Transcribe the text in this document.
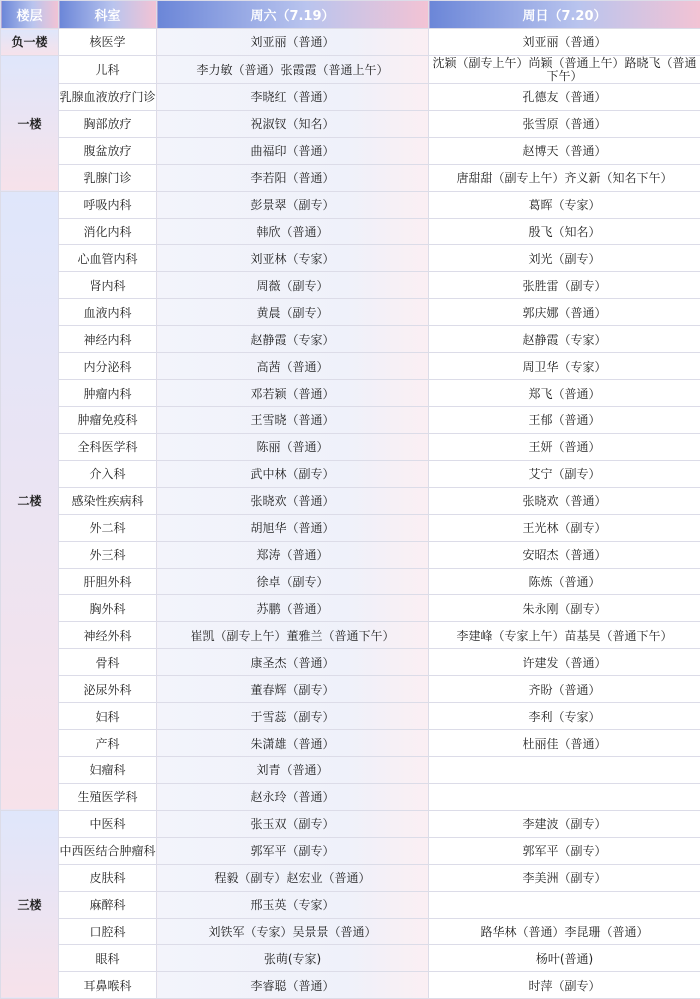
楼层	科室	周六（7.19）	周日（7.20）
负一楼	核医学	刘亚丽（普通）	刘亚丽（普通）
一楼	儿科	李力敏（普通）张霞霞（普通上午）	沈颖（副专上午）尚颖（普通上午）路晓飞（普通下午）

	乳腺血液放疗门诊	李晓红（普通）	孔德友（普通）
	胸部放疗	祝淑钗（知名）	张雪原（普通）
	腹盆放疗	曲福印（普通）	赵博天（普通）
	乳腺门诊	李若阳（普通）	唐甜甜（副专上午）齐义新（知名下午）
二楼	呼吸内科	彭景翠（副专）	葛晖（专家）
	消化内科	韩欣（普通）	殷飞（知名）
	心血管内科	刘亚林（专家）	刘光（副专）
	肾内科	周薇（副专）	张胜雷（副专）
	血液内科	黄晨（副专）	郭庆娜（普通）
	神经内科	赵静霞（专家）	赵静霞（专家）
	内分泌科	高茜（普通）	周卫华（专家）
	肿瘤内科	邓若颖（普通）	郑飞（普通）
	肿瘤免疫科	王雪晓（普通）	王郁（普通）
	全科医学科	陈丽（普通）	王妍（普通）
	介入科	武中林（副专）	艾宁（副专）
	感染性疾病科	张晓欢（普通）	张晓欢（普通）
	外二科	胡旭华（普通）	王光林（副专）
	外三科	郑涛（普通）	安昭杰（普通）
	肝胆外科	徐卓（副专）	陈炼（普通）
	胸外科	苏鹏（普通）	朱永刚（副专）
	神经外科	崔凯（副专上午）董雅兰（普通下午）	李建峰（专家上午）苗基昊（普通下午）
	骨科	康圣杰（普通）	许建发（普通）
	泌尿外科	董春辉（副专）	齐盼（普通）
	妇科	于雪蕊（副专）	李利（专家）
	产科	朱潇雄（普通）	杜丽佳（普通）
	妇瘤科	刘青（普通）	
	生殖医学科	赵永玲（普通）	
三楼	中医科	张玉双（副专）	李建波（副专）
	中西医结合肿瘤科	郭军平（副专）	郭军平（副专）
	皮肤科	程毅（副专）赵宏业（普通）	李美洲（副专）
	麻醉科	邢玉英（专家）	
	口腔科	刘铁军（专家）吴景景（普通）	路华林（普通）李昆珊（普通）
	眼科	张萌(专家)	杨叶(普通)
	耳鼻喉科	李睿聪（普通）	时萍（副专）
